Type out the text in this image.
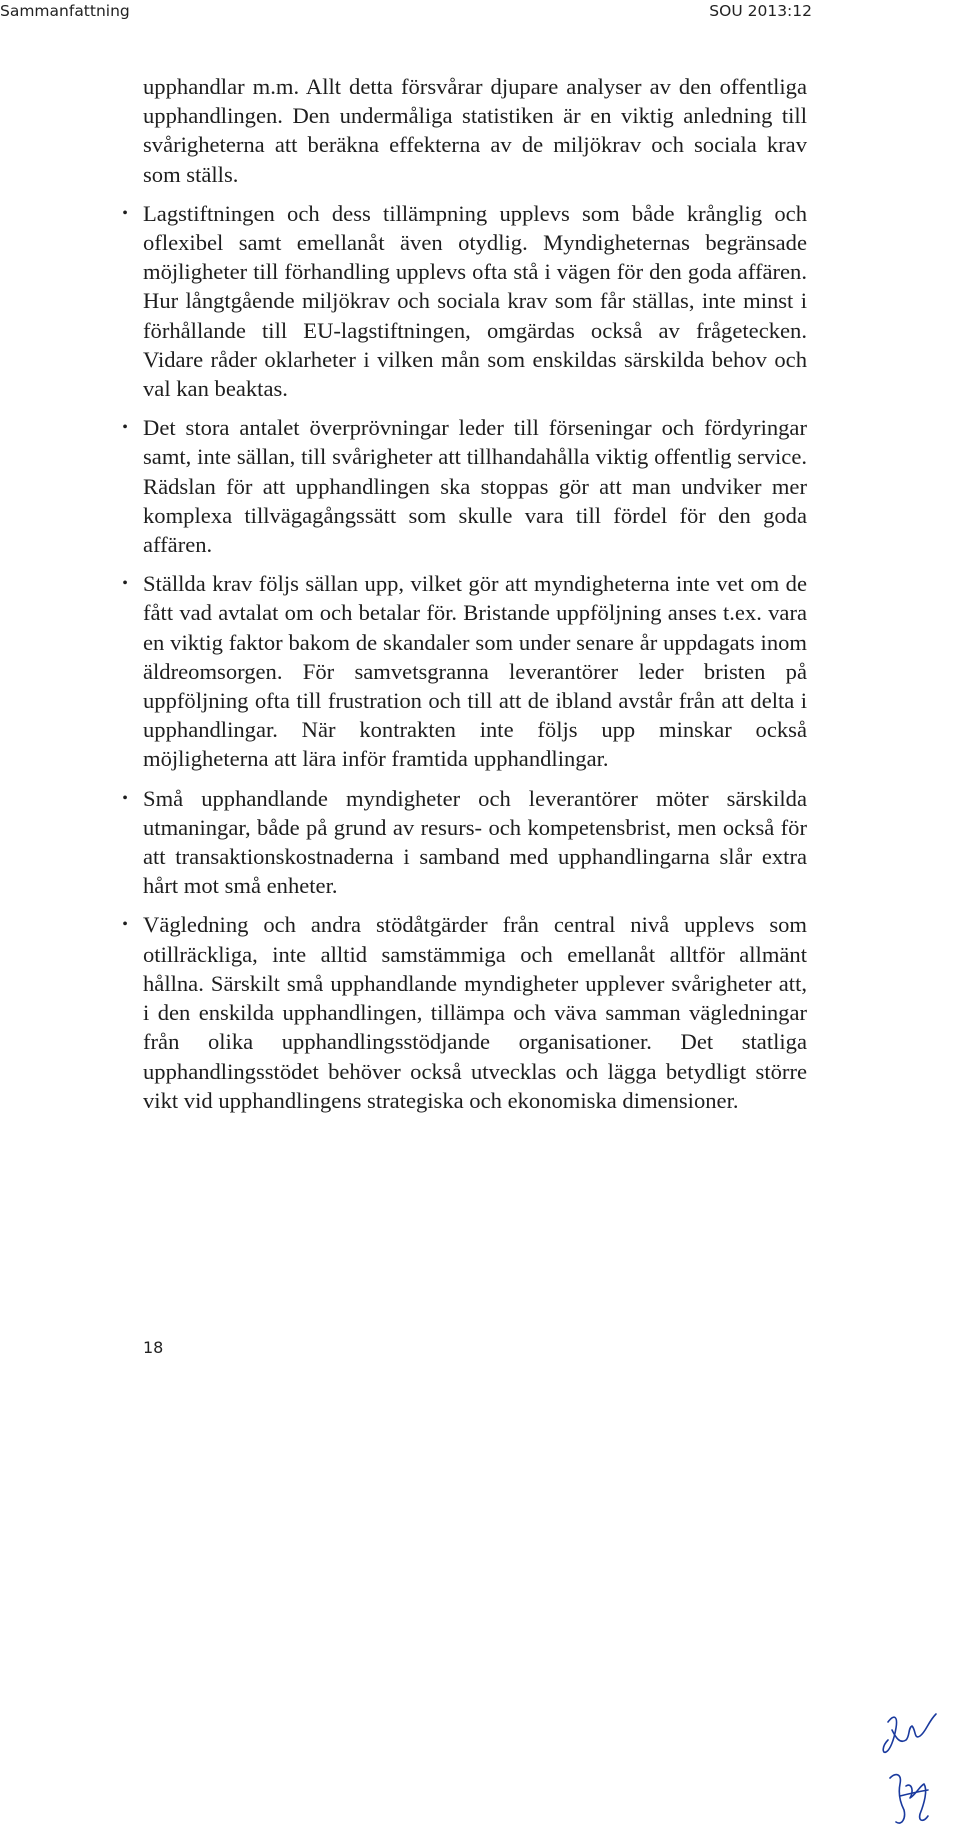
Sammanfattning	SOU 2013:12

upphandlar m.m. Allt detta försvårar djupare analyser av den offentliga upphandlingen. Den undermåliga statistiken är en viktig anledning till svårigheterna att beräkna effekterna av de miljökrav och sociala krav som ställs.

• Lagstiftningen och dess tillämpning upplevs som både krånglig och oflexibel samt emellanåt även otydlig. Myndigheternas begränsade möjligheter till förhandling upplevs ofta stå i vägen för den goda affären. Hur långtgående miljökrav och sociala krav som får ställas, inte minst i förhållande till EU-lagstiftningen, omgärdas också av frågetecken. Vidare råder oklarheter i vilken mån som enskildas särskilda behov och val kan beaktas.
• Det stora antalet överprövningar leder till förseningar och fördyringar samt, inte sällan, till svårigheter att tillhandahålla viktig offentlig service. Rädslan för att upphandlingen ska stoppas gör att man undviker mer komplexa tillvägagångssätt som skulle vara till fördel för den goda affären.
• Ställda krav följs sällan upp, vilket gör att myndigheterna inte vet om de fått vad avtalat om och betalar för. Bristande uppföljning anses t.ex. vara en viktig faktor bakom de skandaler som under senare år uppdagats inom äldreomsorgen. För samvetsgranna leverantörer leder bristen på uppföljning ofta till frustration och till att de ibland avstår från att delta i upphandlingar. När kontrakten inte följs upp minskar också möjligheterna att lära inför framtida upphandlingar.
• Små upphandlande myndigheter och leverantörer möter särskilda utmaningar, både på grund av resurs- och kompetensbrist, men också för att transaktionskostnaderna i samband med upphandlingarna slår extra hårt mot små enheter.
• Vägledning och andra stödåtgärder från central nivå upplevs som otillräckliga, inte alltid samstämmiga och emellanåt alltför allmänt hållna. Särskilt små upphandlande myndigheter upplever svårigheter att, i den enskilda upphandlingen, tillämpa och väva samman vägledningar från olika upphandlingsstödjande organisationer. Det statliga upphandlingsstödet behöver också utvecklas och lägga betydligt större vikt vid upphandlingens strategiska och ekonomiska dimensioner.
18
